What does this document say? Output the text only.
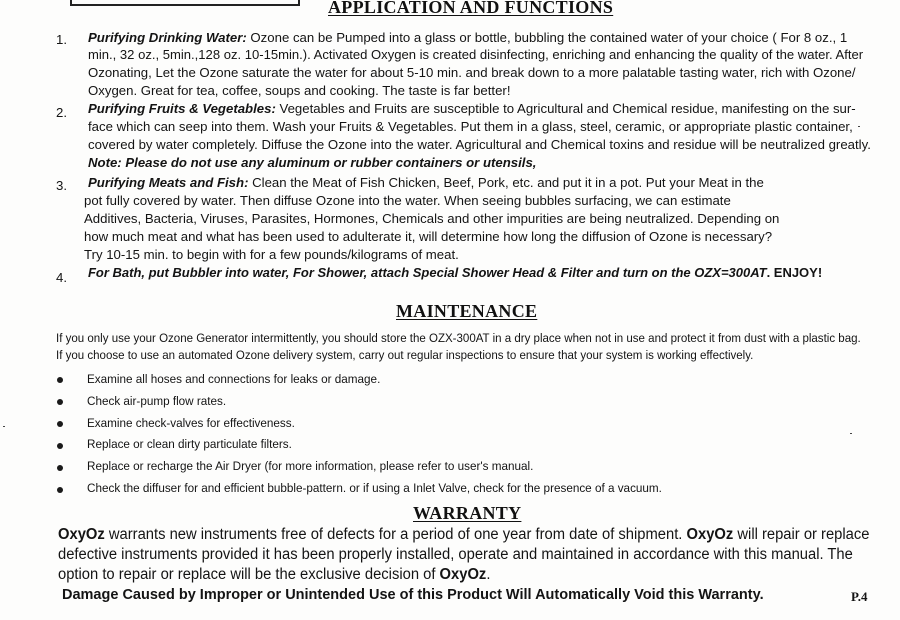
APPLICATION AND FUNCTIONS
1. Purifying Drinking Water: Ozone can be Pumped into a glass or bottle, bubbling the contained water of your choice ( For 8 oz., 1
min., 32 oz., 5min.,128 oz. 10-15min.). Activated Oxygen is created disinfecting, enriching and enhancing the quality of the water. After
Ozonating, Let the Ozone saturate the water for about 5-10 min. and break down to a more palatable tasting water, rich with Ozone/
Oxygen. Great for tea, coffee, soups and cooking. The taste is far better!
2. Purifying Fruits & Vegetables: Vegetables and Fruits are susceptible to Agricultural and Chemical residue, manifesting on the sur-
face which can seep into them. Wash your Fruits & Vegetables. Put them in a glass, steel, ceramic, or appropriate plastic container,
covered by water completely. Diffuse the Ozone into the water. Agricultural and Chemical toxins and residue will be neutralized greatly.
Note: Please do not use any aluminum or rubber containers or utensils,
3. Purifying Meats and Fish: Clean the Meat of Fish Chicken, Beef, Pork, etc. and put it in a pot. Put your Meat in the
pot fully covered by water. Then diffuse Ozone into the water. When seeing bubbles surfacing, we can estimate
Additives, Bacteria, Viruses, Parasites, Hormones, Chemicals and other impurities are being neutralized. Depending on
how much meat and what has been used to adulterate it, will determine how long the diffusion of Ozone is necessary?
Try 10-15 min. to begin with for a few pounds/kilograms of meat.
4. For Bath, put Bubbler into water, For Shower, attach Special Shower Head & Filter and turn on the OZX=300AT. ENJOY!
MAINTENANCE
If you only use your Ozone Generator intermittently, you should store the OZX-300AT in a dry place when not in use and protect it from dust with a plastic bag.
If you choose to use an automated Ozone delivery system, carry out regular inspections to ensure that your system is working effectively.
Examine all hoses and connections for leaks or damage.
Check air-pump flow rates.
Examine check-valves for effectiveness.
Replace or clean dirty particulate filters.
Replace or recharge the Air Dryer (for more information, please refer to user's manual.
Check the diffuser for and efficient bubble-pattern. or if using a Inlet Valve, check for the presence of a vacuum.
WARRANTY
OxyOz warrants new instruments free of defects for a period of one year from date of shipment. OxyOz will repair or replace
defective instruments provided it has been properly installed, operate and maintained in accordance with this manual. The
option to repair or replace will be the exclusive decision of OxyOz.
Damage Caused by Improper or Unintended Use of this Product Will Automatically Void this Warranty.	P.4
